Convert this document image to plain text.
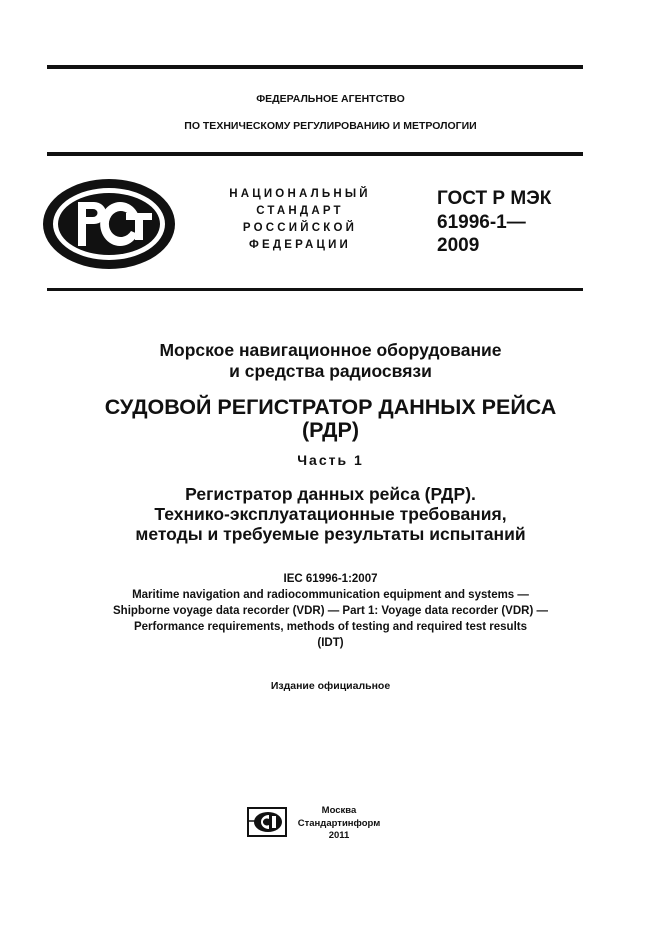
ФЕДЕРАЛЬНОЕ АГЕНТСТВО
ПО ТЕХНИЧЕСКОМУ РЕГУЛИРОВАНИЮ И МЕТРОЛОГИИ
НАЦИОНАЛЬНЫЙ
СТАНДАРТ
РОССИЙСКОЙ
ФЕДЕРАЦИИ
ГОСТ Р МЭК
61996-1—
2009
Морское навигационное оборудование
и средства радиосвязи
СУДОВОЙ РЕГИСТРАТОР ДАННЫХ РЕЙСА
(РДР)
Часть 1
Регистратор данных рейса (РДР).
Технико-эксплуатационные требования,
методы и требуемые результаты испытаний
IEC 61996-1:2007
Maritime navigation and radiocommunication equipment and systems —
Shipborne voyage data recorder (VDR) — Part 1: Voyage data recorder (VDR) —
Performance requirements, methods of testing and required test results
(IDT)
Издание официальное
Москва
Стандартинформ
2011
